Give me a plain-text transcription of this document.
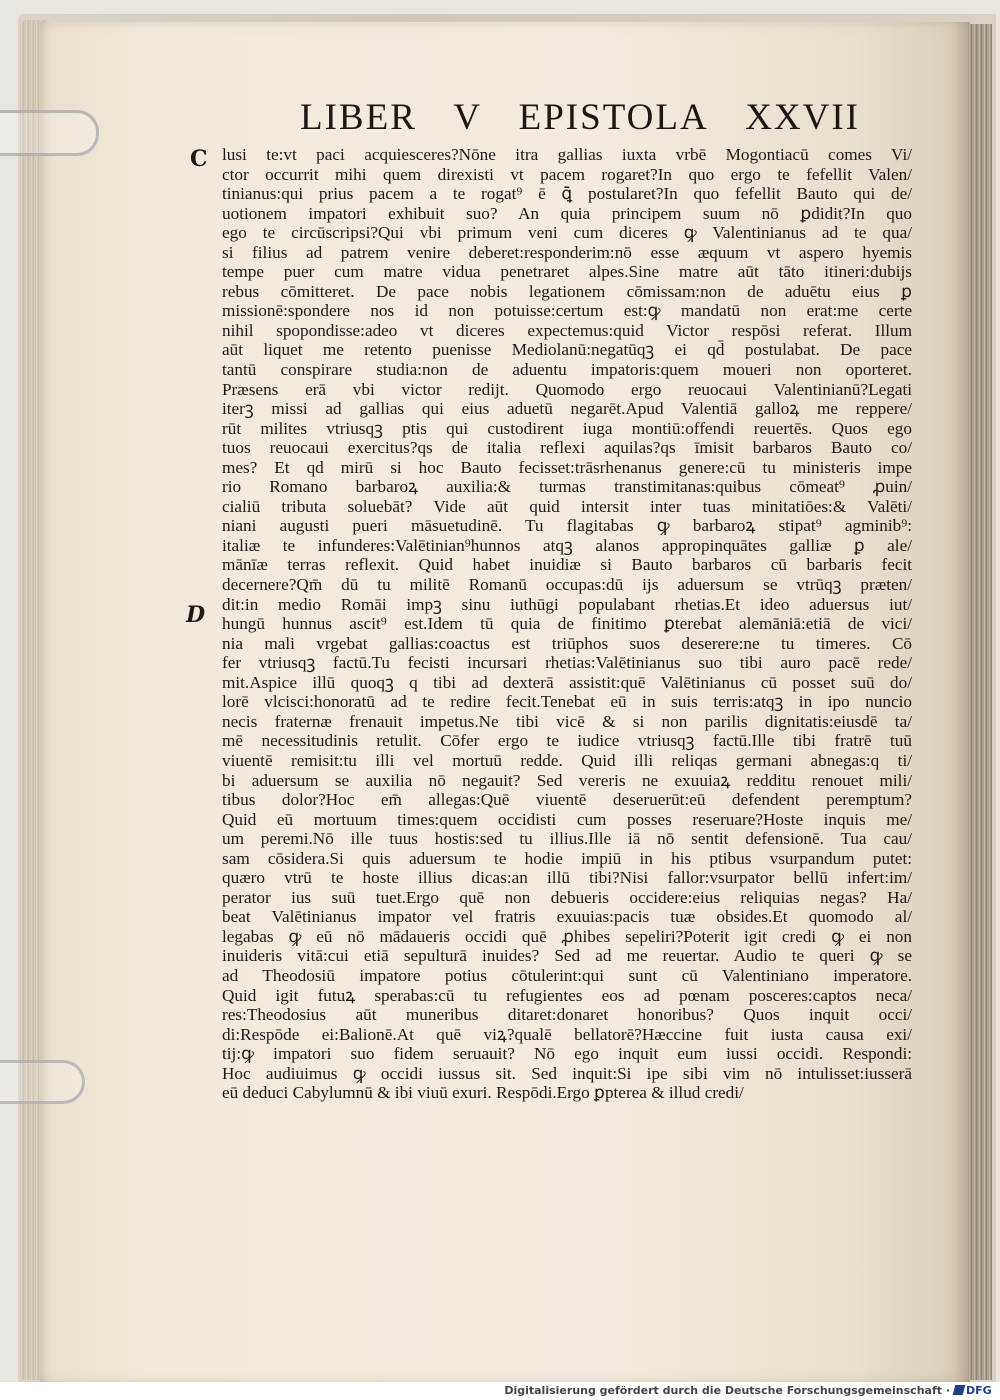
LIBER V EPISTOLA XXVII
C
D
lusi te:vt paci acquiesceres?Nōne itra gallias iuxta vrbē Mogontiacū comes Vi/
ctor occurrit mihi quem direxisti vt pacem rogaret?In quo ergo te fefellit Valen/
tinianus:qui prius pacem a te rogat⁹ ē ꝗ̄ postularet?In quo fefellit Bauto qui de/
uotionem impatori exhibuit suo? An quia principem suum nō ꝑdidit?In quo
ego te circūscripsi?Qui vbi primum veni cum diceres ꝙ Valentinianus ad te qua/
si filius ad patrem venire deberet:responderim:nō esse æquum vt aspero hyemis
tempe puer cum matre vidua penetraret alpes.Sine matre aūt tāto itineri:dubijs
rebus cōmitteret. De pace nobis legationem cōmissam:non de aduētu eius ꝑ
missionē:spondere nos id non potuisse:certum est:ꝙ mandatū non erat:me certe
nihil spopondisse:adeo vt diceres expectemus:quid Victor respōsi referat. Illum
aūt liquet me retento puenisse Mediolanū:negatūqꝫ ei qd̄ postulabat. De pace
tantū conspirare studia:non de aduentu impatoris:quem moueri non oporteret.
Præsens erā vbi victor redijt. Quomodo ergo reuocaui Valentinianū?Legati
iterꝫ missi ad gallias qui eius aduetū negarēt.Apud Valentiā galloꝝ me reppere/
rūt milites vtriusqꝫ ptis qui custodirent iuga montiū:offendi reuertēs. Quos ego
tuos reuocaui exercitus?qs de italia reflexi aquilas?qs īmisit barbaros Bauto co/
mes? Et qd mirū si hoc Bauto fecisset:trāsrhenanus genere:cū tu ministeris impe
rio Romano barbaroꝝ auxilia:& turmas transtimitanas:quibus cōmeat⁹ ꝓuin/
cialiū tributa soluebāt? Vide aūt quid intersit inter tuas minitatiōes:& Valēti/
niani augusti pueri māsuetudinē. Tu flagitabas ꝙ barbaroꝝ stipat⁹ agminib⁹:
italiæ te infunderes:Valētinian⁹hunnos atqꝫ alanos appropinquātes galliæ ꝑ ale/
mānīæ terras reflexit. Quid habet inuidiæ si Bauto barbaros cū barbaris fecit
decernere?Qm̄ dū tu militē Romanū occupas:dū ijs aduersum se vtrūqꝫ præten/
dit:in medio Romāi impꝫ sinu iuthūgi populabant rhetias.Et ideo aduersus iut/
hungū hunnus ascit⁹ est.Idem tū quia de finitimo ꝑterebat alemāniā:etiā de vici/
nia mali vrgebat gallias:coactus est triūphos suos deserere:ne tu timeres. Cō
fer vtriusqꝫ factū.Tu fecisti incursari rhetias:Valētinianus suo tibi auro pacē rede/
mit.Aspice illū quoqꝫ q tibi ad dexterā assistit:quē Valētinianus cū posset suū do/
lorē vlcisci:honoratū ad te redire fecit.Tenebat eū in suis terris:atqꝫ in ipo nuncio
necis fraternæ frenauit impetus.Ne tibi vicē & si non parilis dignitatis:eiusdē ta/
mē necessitudinis retulit. Cōfer ergo te iudice vtriusqꝫ factū.Ille tibi fratrē tuū
viuentē remisit:tu illi vel mortuū redde. Quid illi reliqas germani abnegas:q ti/
bi aduersum se auxilia nō negauit? Sed vereris ne exuuiaꝝ redditu renouet mili/
tibus dolor?Hoc em̄ allegas:Quē viuentē deseruerūt:eū defendent peremptum?
Quid eū mortuum times:quem occidisti cum posses reseruare?Hoste inquis me/
um peremi.Nō ille tuus hostis:sed tu illius.Ille iā nō sentit defensionē. Tua cau/
sam cōsidera.Si quis aduersum te hodie impiū in his ptibus vsurpandum putet:
quæro vtrū te hoste illius dicas:an illū tibi?Nisi fallor:vsurpator bellū infert:im/
perator ius suū tuet.Ergo quē non debueris occidere:eius reliquias negas? Ha/
beat Valētinianus impator vel fratris exuuias:pacis tuæ obsides.Et quomodo al/
legabas ꝙ eū nō mādaueris occidi quē ꝓhibes sepeliri?Poterit igit credi ꝙ ei non
inuideris vitā:cui etiā sepulturā inuides? Sed ad me reuertar. Audio te queri ꝙ se
ad Theodosiū impatore potius cōtulerint:qui sunt cū Valentiniano imperatore.
Quid igit futuꝝ sperabas:cū tu refugientes eos ad pœnam posceres:captos neca/
res:Theodosius aūt muneribus ditaret:donaret honoribus? Quos inquit occi/
di:Respōde ei:Balionē.At quē viꝝ?qualē bellatorē?Hæccine fuit iusta causa exi/
tij:ꝙ impatori suo fidem seruauit? Nō ego inquit eum iussi occidi. Respondi:
Hoc audiuimus ꝙ occidi iussus sit. Sed inquit:Si ipe sibi vim nō intulisset:iusserā
eū deduci Cabylumnū & ibi viuū exuri. Respōdi.Ergo ꝑpterea & illud credi/
Digitalisierung gefördert durch die Deutsche Forschungsgemeinschaft · DFG
